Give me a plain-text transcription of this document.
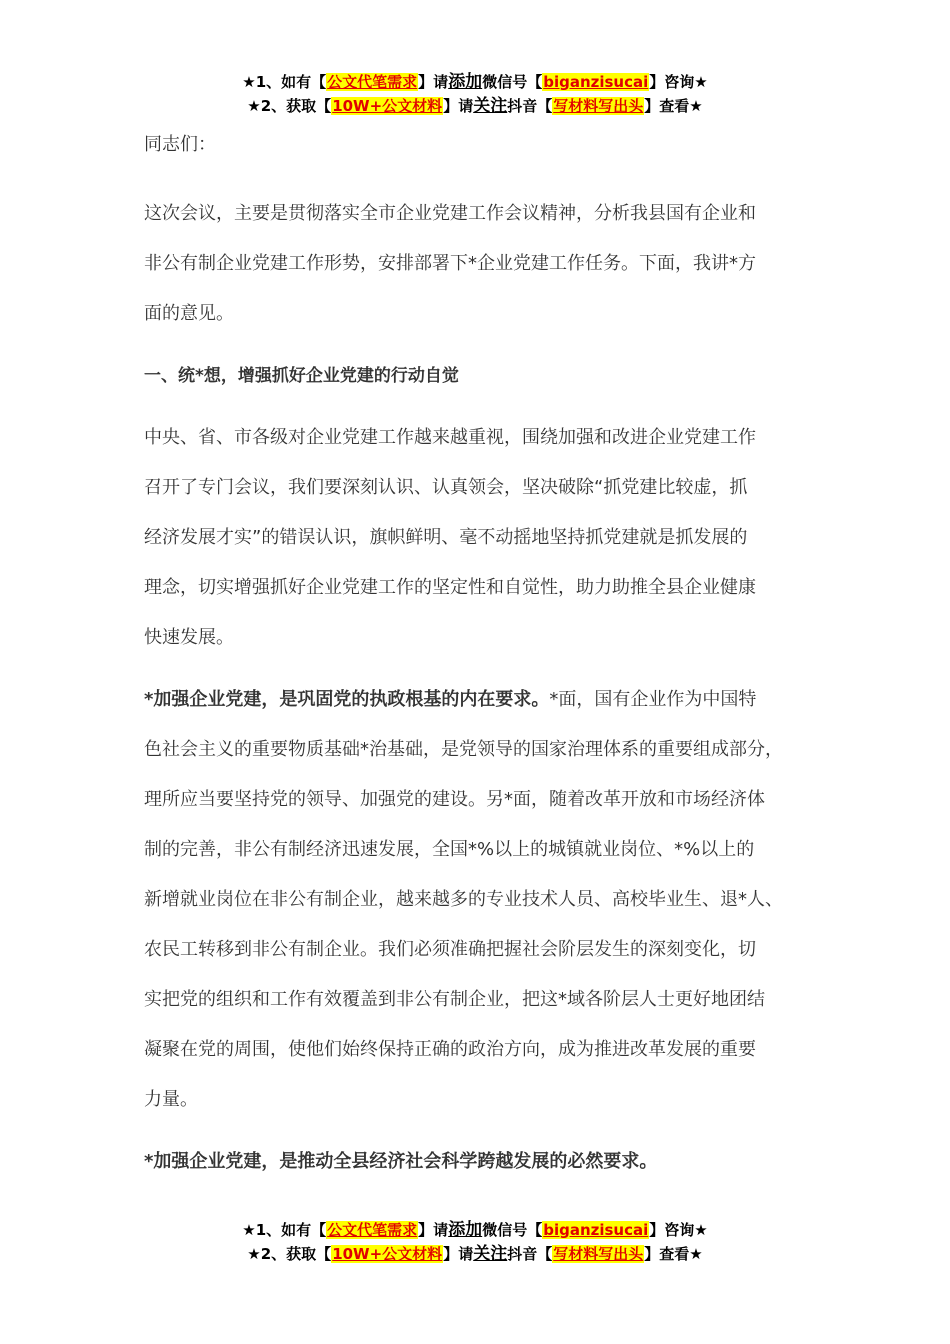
★1、如有【公文代笔需求】请添加微信号【biganzisucai】咨询★
★2、获取【10W+公文材料】请关注抖音【写材料写出头】查看★

同志们：

这次会议，主要是贯彻落实全市企业党建工作会议精神，分析我县国有企业和

非公有制企业党建工作形势，安排部署下*企业党建工作任务。下面，我讲*方

面的意见。

一、统*想，增强抓好企业党建的行动自觉

中央、省、市各级对企业党建工作越来越重视，围绕加强和改进企业党建工作

召开了专门会议，我们要深刻认识、认真领会，坚决破除“抓党建比较虚，抓

经济发展才实”的错误认识，旗帜鲜明、毫不动摇地坚持抓党建就是抓发展的

理念，切实增强抓好企业党建工作的坚定性和自觉性，助力助推全县企业健康

快速发展。

*加强企业党建，是巩固党的执政根基的内在要求。*面，国有企业作为中国特

色社会主义的重要物质基础*治基础，是党领导的国家治理体系的重要组成部分，

理所应当要坚持党的领导、加强党的建设。另*面，随着改革开放和市场经济体

制的完善，非公有制经济迅速发展，全国*%以上的城镇就业岗位、*%以上的

新增就业岗位在非公有制企业，越来越多的专业技术人员、高校毕业生、退*人、

农民工转移到非公有制企业。我们必须准确把握社会阶层发生的深刻变化，切

实把党的组织和工作有效覆盖到非公有制企业，把这*域各阶层人士更好地团结

凝聚在党的周围，使他们始终保持正确的政治方向，成为推进改革发展的重要

力量。

*加强企业党建，是推动全县经济社会科学跨越发展的必然要求。

★1、如有【公文代笔需求】请添加微信号【biganzisucai】咨询★
★2、获取【10W+公文材料】请关注抖音【写材料写出头】查看★
